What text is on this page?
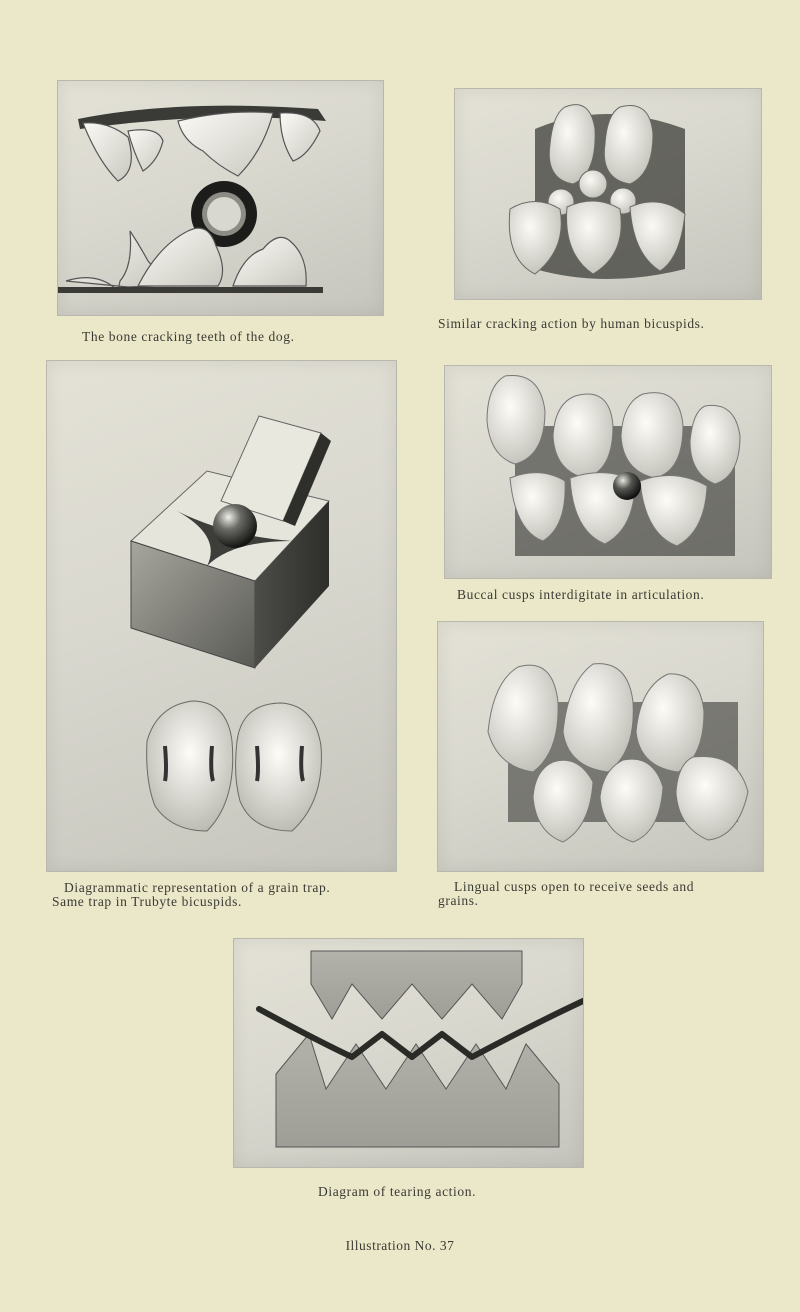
The bone cracking teeth of the dog.

Similar cracking action by human bicuspids.

Diagrammatic representation of a grain trap.
Same trap in Trubyte bicuspids.

Buccal cusps interdigitate in articulation.

Lingual cusps open to receive seeds and
grains.

Diagram of tearing action.

Illustration No. 37
